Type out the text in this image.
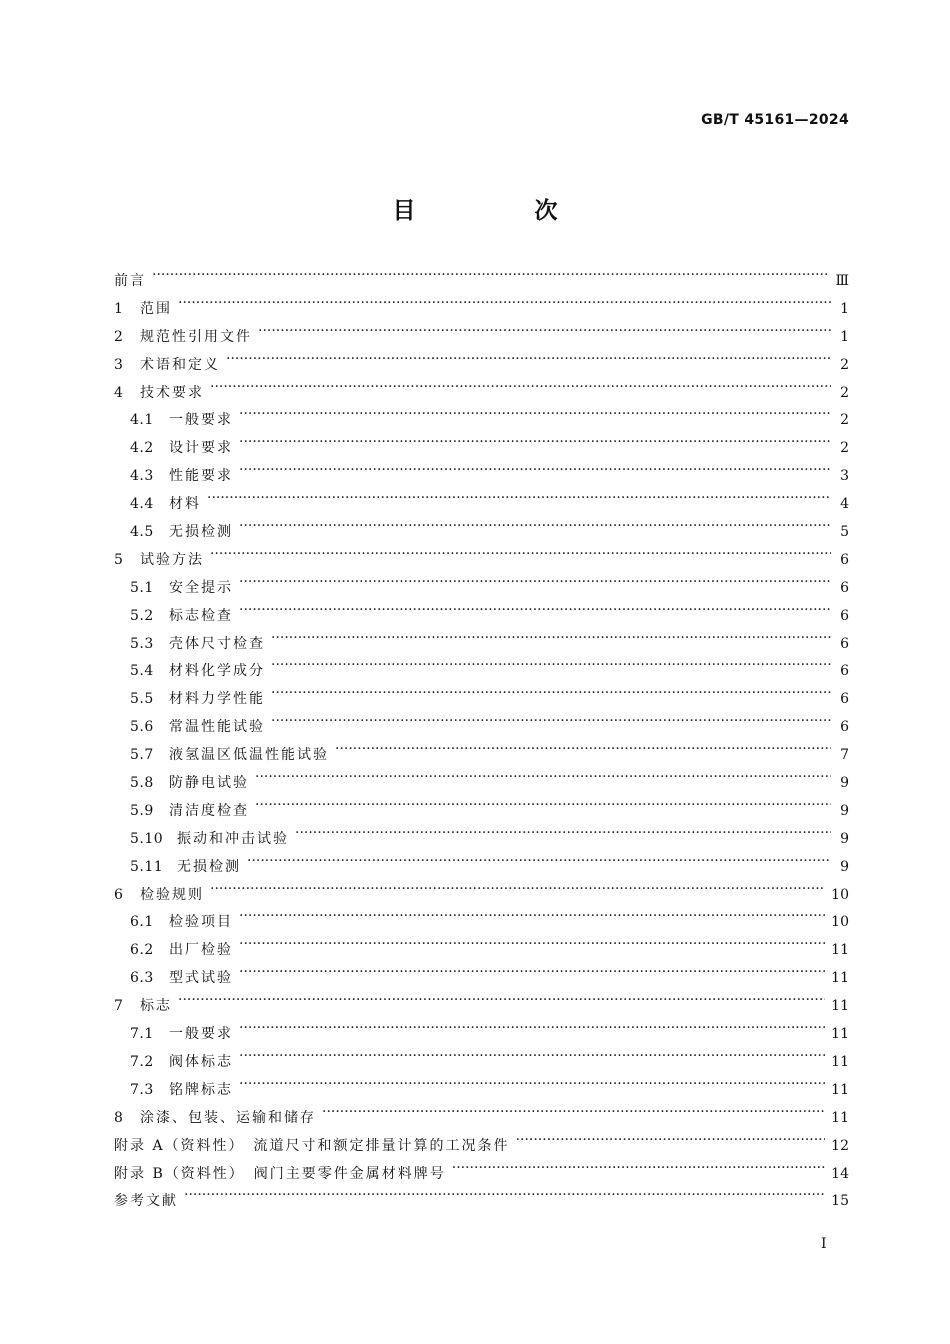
GB/T 45161—2024
目　次
前言 ·····	Ⅲ
1	范围 ·····	1
2	规范性引用文件 ·····	1
3	术语和定义 ·····	2
4	技术要求 ·····	2
4.1	一般要求 ·····	2
4.2	设计要求 ·····	2
4.3	性能要求 ·····	3
4.4	材料 ·····	4
4.5	无损检测 ·····	5
5	试验方法 ·····	6
5.1	安全提示 ·····	6
5.2	标志检查 ·····	6
5.3	壳体尺寸检查 ·····	6
5.4	材料化学成分 ·····	6
5.5	材料力学性能 ·····	6
5.6	常温性能试验 ·····	6
5.7	液氢温区低温性能试验 ·····	7
5.8	防静电试验 ·····	9
5.9	清洁度检查 ·····	9
5.10 振动和冲击试验 ·····	9
5.11 无损检测 ·····	9
6	检验规则 ·····	10
6.1	检验项目 ·····	10
6.2	出厂检验 ·····	11
6.3	型式试验 ·····	11
7	标志 ·····	11
7.1	一般要求 ·····	11
7.2	阀体标志 ·····	11
7.3	铭牌标志 ·····	11
8	涂漆、包装、运输和储存 ·····	11
附录 A（资料性）　流道尺寸和额定排量计算的工况条件 ·····	12
附录 B（资料性）　阀门主要零件金属材料牌号 ·····	14
参考文献 ·····	15
Ⅰ
